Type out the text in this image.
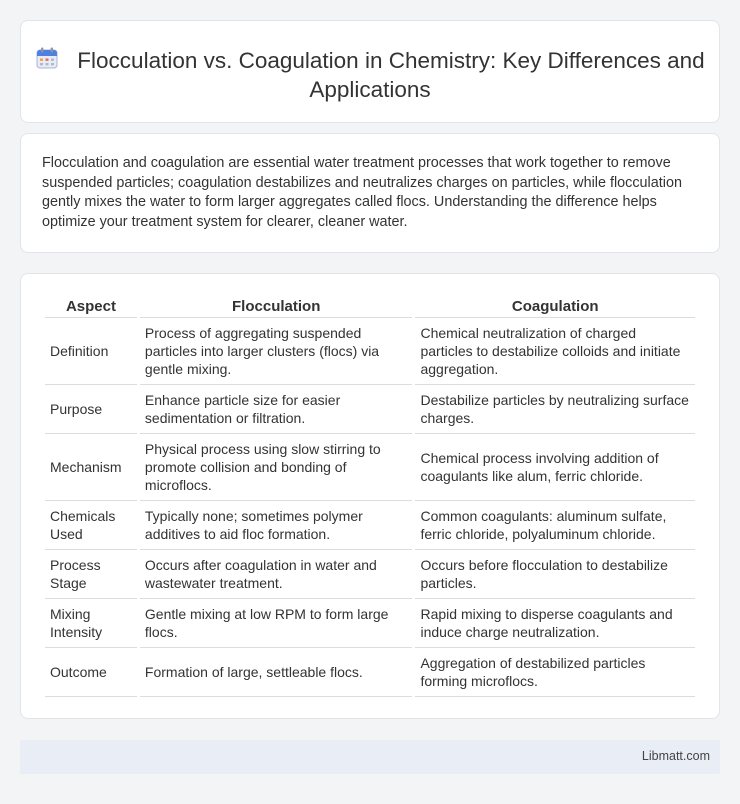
Flocculation vs. Coagulation in Chemistry: Key Differences and Applications

Flocculation and coagulation are essential water treatment processes that work together to remove suspended particles; coagulation destabilizes and neutralizes charges on particles, while flocculation gently mixes the water to form larger aggregates called flocs. Understanding the difference helps optimize your treatment system for clearer, cleaner water.

Aspect	Flocculation	Coagulation
Definition	Process of aggregating suspended particles into larger clusters (flocs) via gentle mixing.	Chemical neutralization of charged particles to destabilize colloids and initiate aggregation.
Purpose	Enhance particle size for easier sedimentation or filtration.	Destabilize particles by neutralizing surface charges.
Mechanism	Physical process using slow stirring to promote collision and bonding of microflocs.	Chemical process involving addition of coagulants like alum, ferric chloride.
Chemicals Used	Typically none; sometimes polymer additives to aid floc formation.	Common coagulants: aluminum sulfate, ferric chloride, polyaluminum chloride.
Process Stage	Occurs after coagulation in water and wastewater treatment.	Occurs before flocculation to destabilize particles.
Mixing Intensity	Gentle mixing at low RPM to form large flocs.	Rapid mixing to disperse coagulants and induce charge neutralization.
Outcome	Formation of large, settleable flocs.	Aggregation of destabilized particles forming microflocs.
Libmatt.com
